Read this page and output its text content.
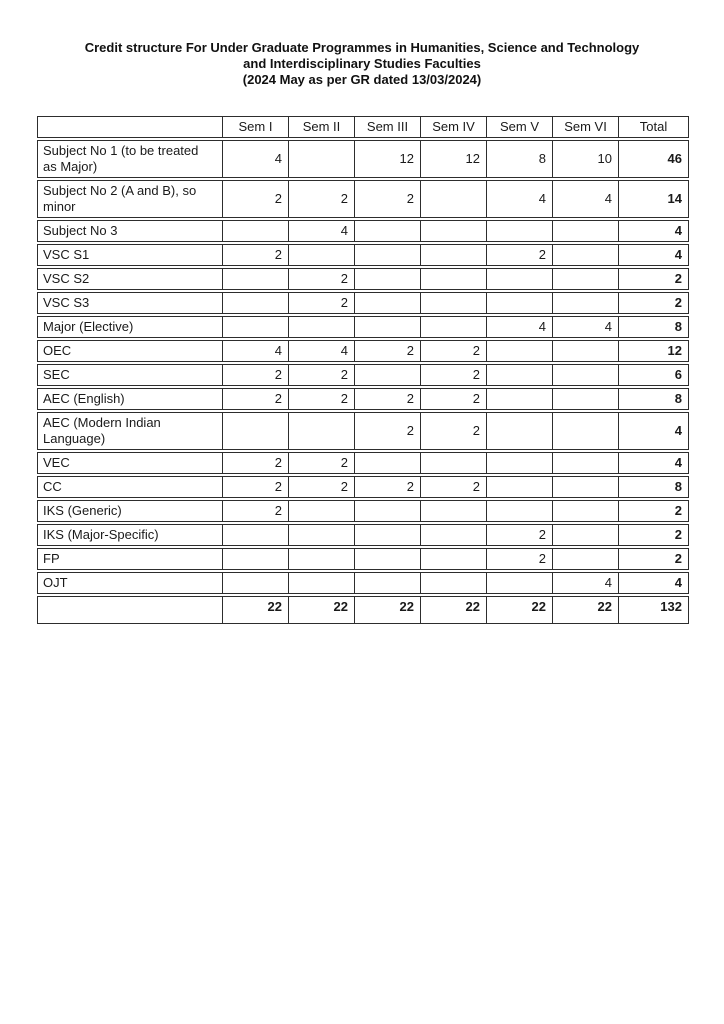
Credit structure For Under Graduate Programmes in Humanities, Science and Technology
and Interdisciplinary Studies Faculties
(2024 May as per GR dated 13/03/2024)
	Sem I	Sem II	Sem III	Sem IV	Sem V	Sem VI	Total
Subject No 1 (to be treated as Major)	4		12	12	8	10	46
Subject No 2 (A and B), so minor	2	2	2		4	4	14
Subject No 3		4					4
VSC S1	2				2		4
VSC S2		2					2
VSC S3		2					2
Major (Elective)					4	4	8
OEC	4	4	2	2			12
SEC	2	2		2			6
AEC (English)	2	2	2	2			8
AEC (Modern Indian Language)			2	2			4
VEC	2	2					4
CC	2	2	2	2			8
IKS (Generic)	2						2
IKS (Major-Specific)					2		2
FP					2		2
OJT						4	4
	22	22	22	22	22	22	132
